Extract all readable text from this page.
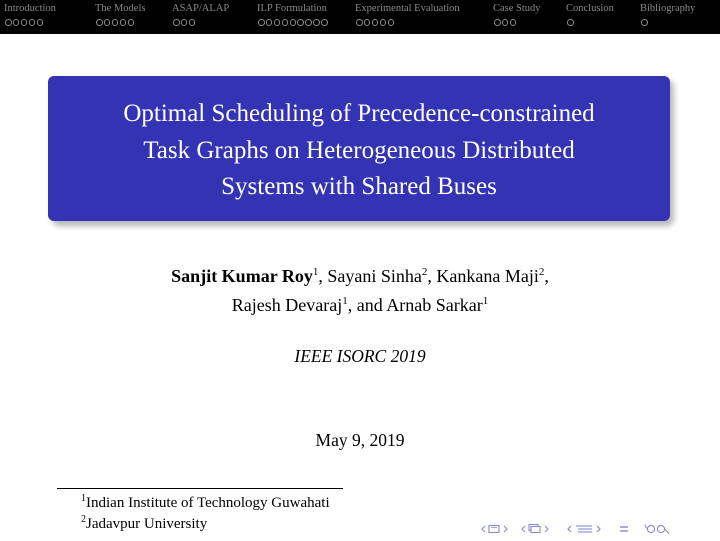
Introduction	The Models	ASAP/ALAP	ILP Formulation	Experimental Evaluation	Case Study Conclusion Bibliography
Optimal Scheduling of Precedence-constrained
Task Graphs on Heterogeneous Distributed
Systems with Shared Buses
Sanjit Kumar Roy$^1$, Sayani Sinha$^2$, Kankana Maji$^2$,
Rajesh Devaraj$^1$, and Arnab Sarkar$^1$
IEEE ISORC 2019
May 9, 2019
$^1$Indian Institute of Technology Guwahati
$^2$Jadavpur University
